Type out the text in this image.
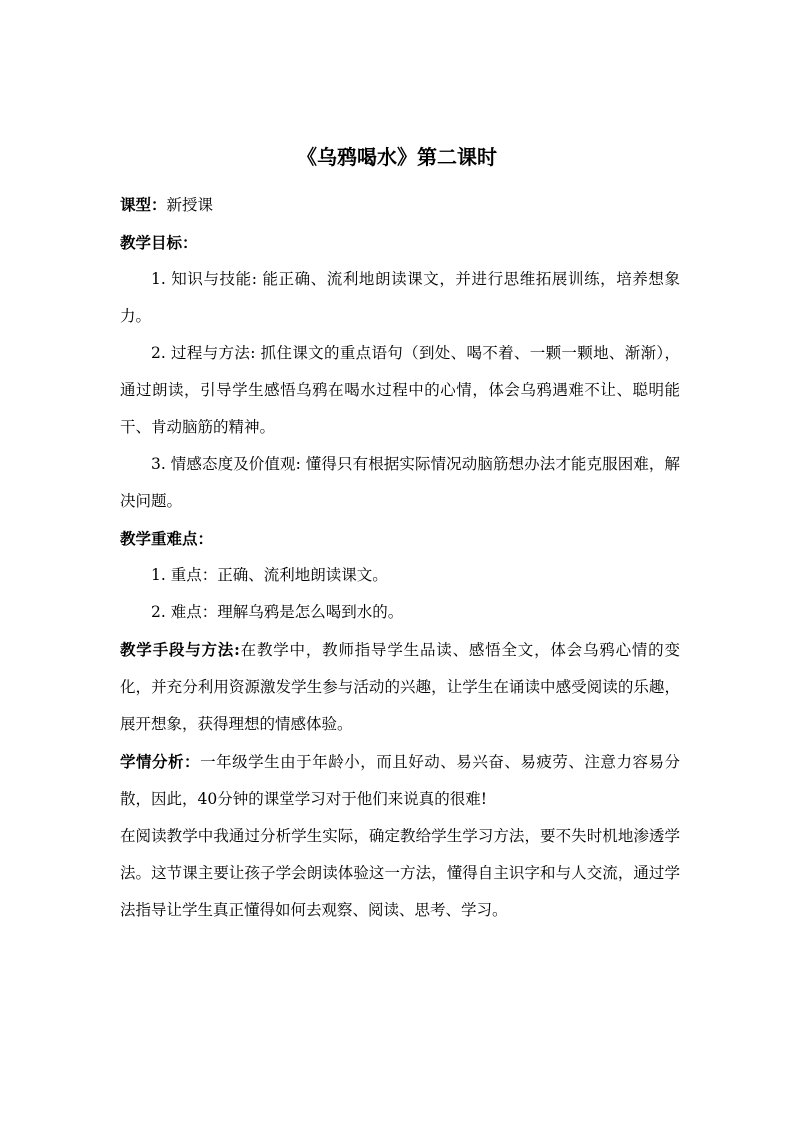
《乌鸦喝水》第二课时

课型：新授课

教学目标：

1. 知识与技能: 能正确、流利地朗读课文，并进行思维拓展训练，培养想象力。

2. 过程与方法: 抓住课文的重点语句（到处、喝不着、一颗一颗地、渐渐），通过朗读，引导学生感悟乌鸦在喝水过程中的心情，体会乌鸦遇难不让、聪明能干、肯动脑筋的精神。

3. 情感态度及价值观: 懂得只有根据实际情况动脑筋想办法才能克服困难，解决问题。

教学重难点：

1. 重点：正确、流利地朗读课文。

2. 难点：理解乌鸦是怎么喝到水的。

教学手段与方法:在教学中，教师指导学生品读、感悟全文，体会乌鸦心情的变化，并充分利用资源激发学生参与活动的兴趣，让学生在诵读中感受阅读的乐趣，展开想象，获得理想的情感体验。

学情分析：一年级学生由于年龄小，而且好动、易兴奋、易疲劳、注意力容易分散，因此，40分钟的课堂学习对于他们来说真的很难!

在阅读教学中我通过分析学生实际，确定教给学生学习方法，要不失时机地渗透学法。这节课主要让孩子学会朗读体验这一方法，懂得自主识字和与人交流，通过学法指导让学生真正懂得如何去观察、阅读、思考、学习。
